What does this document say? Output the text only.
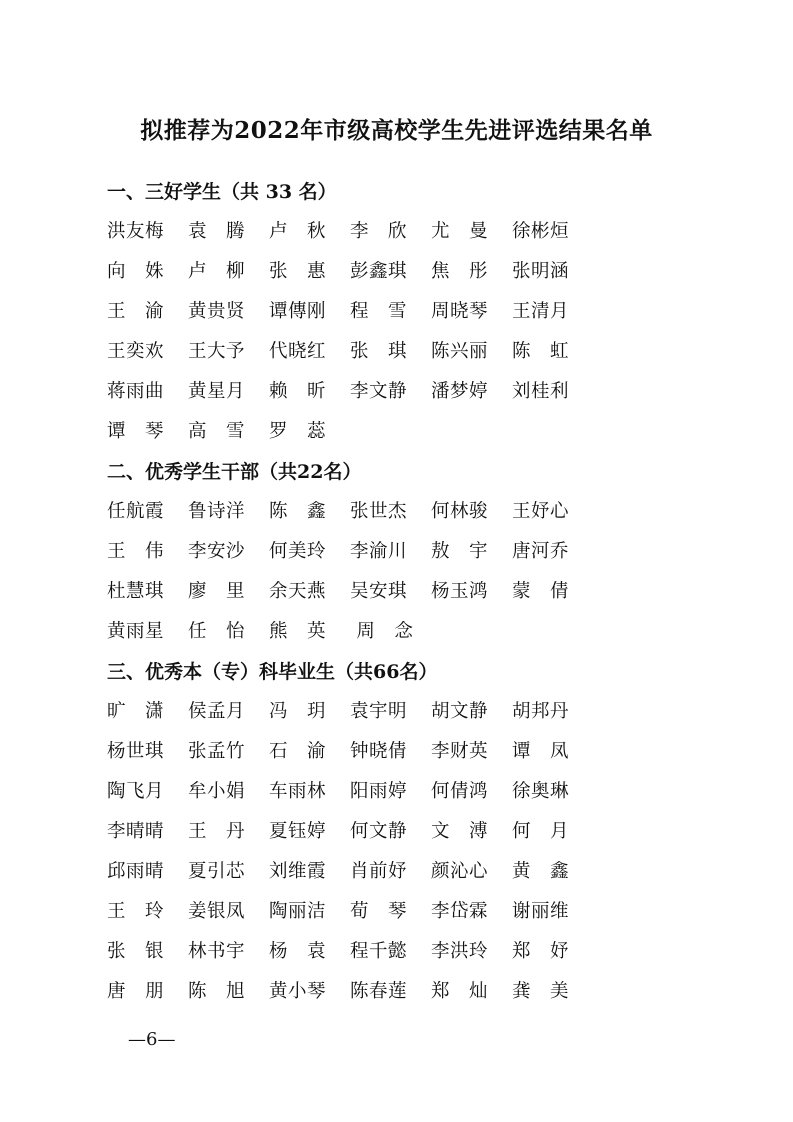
拟推荐为2022年市级高校学生先进评选结果名单
一、三好学生（共 33 名）
洪友梅	袁　腾	卢　秋	李　欣	尤　曼	徐彬烜
向　姝	卢　柳	张　惠	彭鑫琪	焦　彤	张明涵
王　渝	黄贵贤	谭傳刚	程　雪	周晓琴	王清月
王奕欢	王大予	代晓红	张　琪	陈兴丽	陈　虹
蒋雨曲	黄星月	赖　昕	李文静	潘梦婷	刘桂利
谭　琴	高　雪	罗　蕊
二、优秀学生干部（共22名）
任航霞	鲁诗洋	陈　鑫	张世杰	何林骏	王妤心
王　伟	李安沙	何美玲	李渝川	敖　宇	唐河乔
杜慧琪	廖　里	余天燕	吴安琪	杨玉鸿	蒙　倩
黄雨星	任　怡	熊　英	周　念
三、优秀本（专）科毕业生（共66名）
旷　潇	侯孟月	冯　玥	袁宇明	胡文静	胡邦丹
杨世琪	张孟竹	石　渝	钟晓倩	李财英	谭　凤
陶飞月	牟小娟	车雨林	阳雨婷	何倩鸿	徐奥琳
李晴晴	王　丹	夏钰婷	何文静	文　溥	何　月
邱雨晴	夏引芯	刘维霞	肖前妤	颜沁心	黄　鑫
王　玲	姜银凤	陶丽洁	荀　琴	李岱霖	谢丽维
张　银	林书宇	杨　袁	程千懿	李洪玲	郑　妤
唐　朋	陈　旭	黄小琴	陈春莲	郑　灿	龚　美
—6—
